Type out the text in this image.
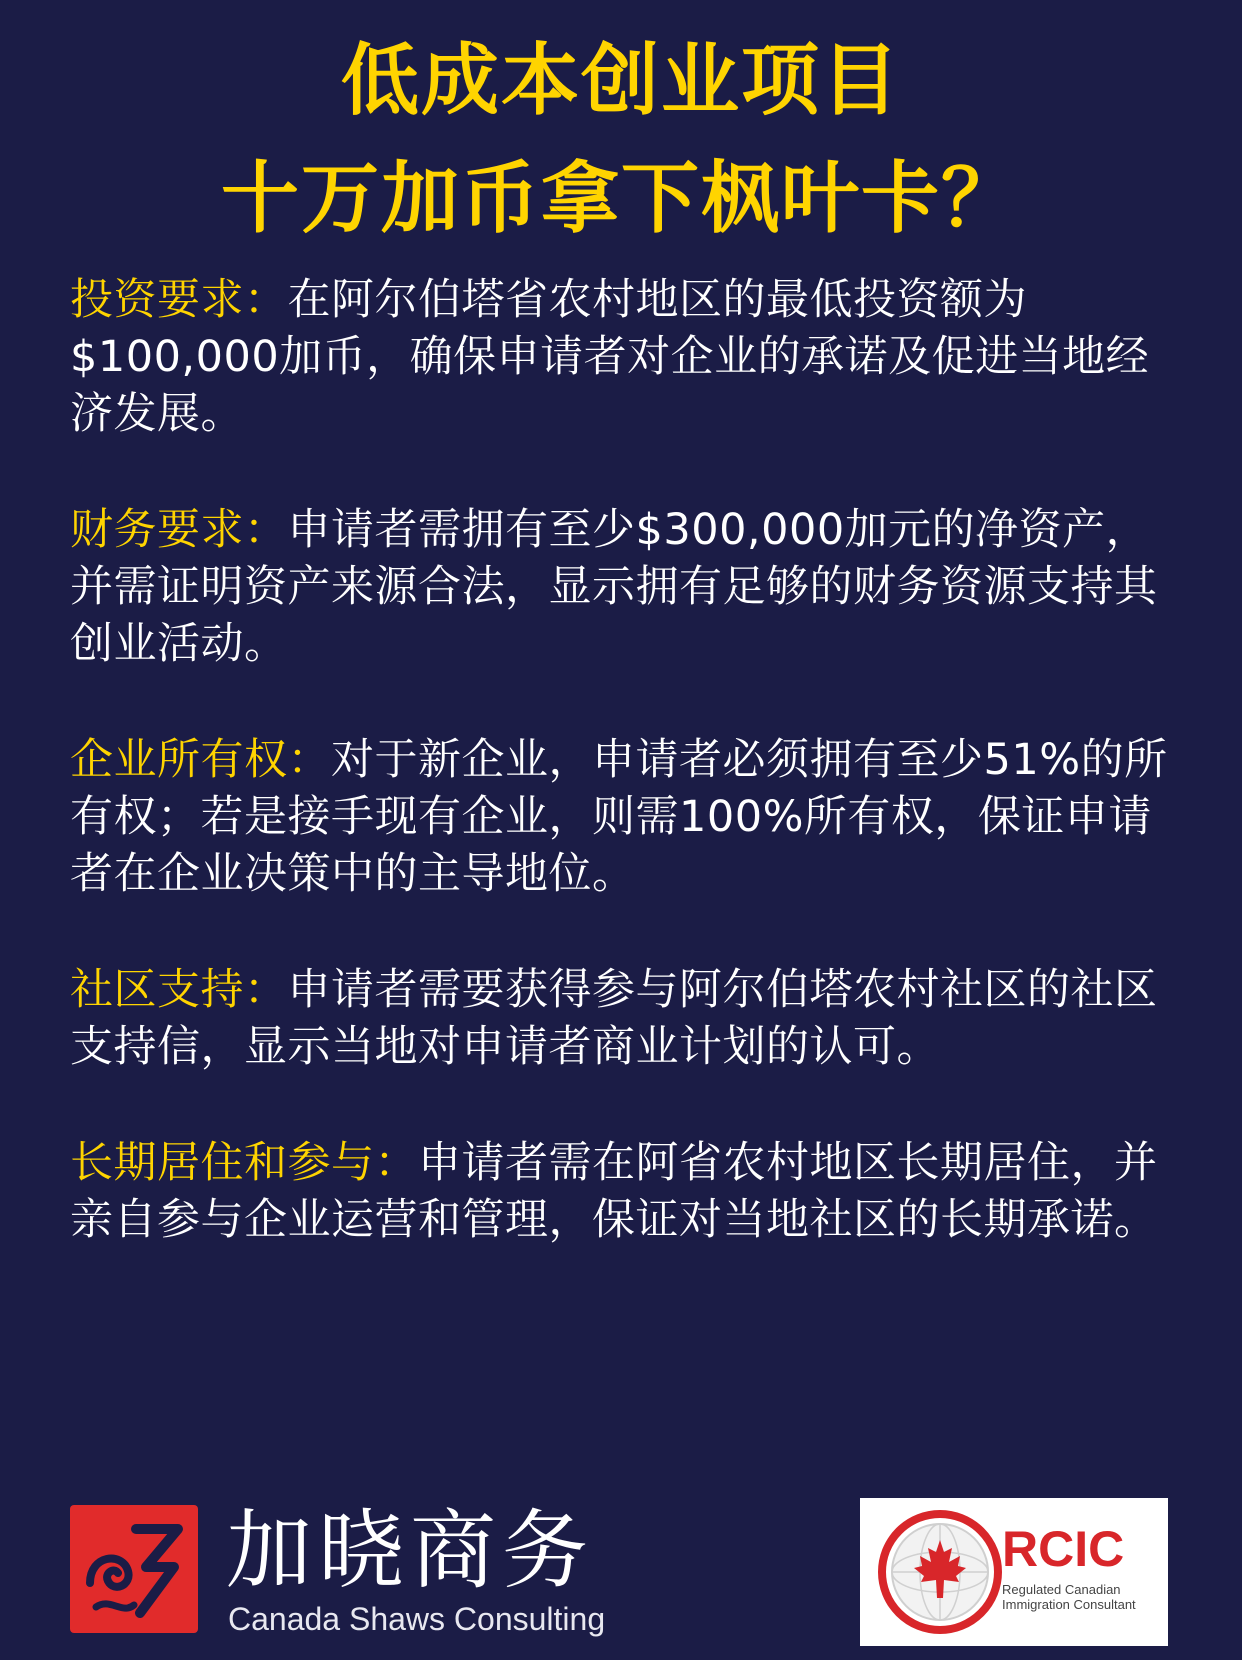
低成本创业项目
十万加币拿下枫叶卡？

投资要求：在阿尔伯塔省农村地区的最低投资额为$100,000加币，确保申请者对企业的承诺及促进当地经济发展。

财务要求：申请者需拥有至少$300,000加元的净资产，并需证明资产来源合法，显示拥有足够的财务资源支持其创业活动。

企业所有权：对于新企业，申请者必须拥有至少51%的所有权；若是接手现有企业，则需100%所有权，保证申请者在企业决策中的主导地位。

社区支持：申请者需要获得参与阿尔伯塔农村社区的社区支持信，显示当地对申请者商业计划的认可。

长期居住和参与：申请者需在阿省农村地区长期居住，并亲自参与企业运营和管理，保证对当地社区的长期承诺。

加晓商务
Canada Shaws Consulting
RCIC
Regulated Canadian
Immigration Consultant
